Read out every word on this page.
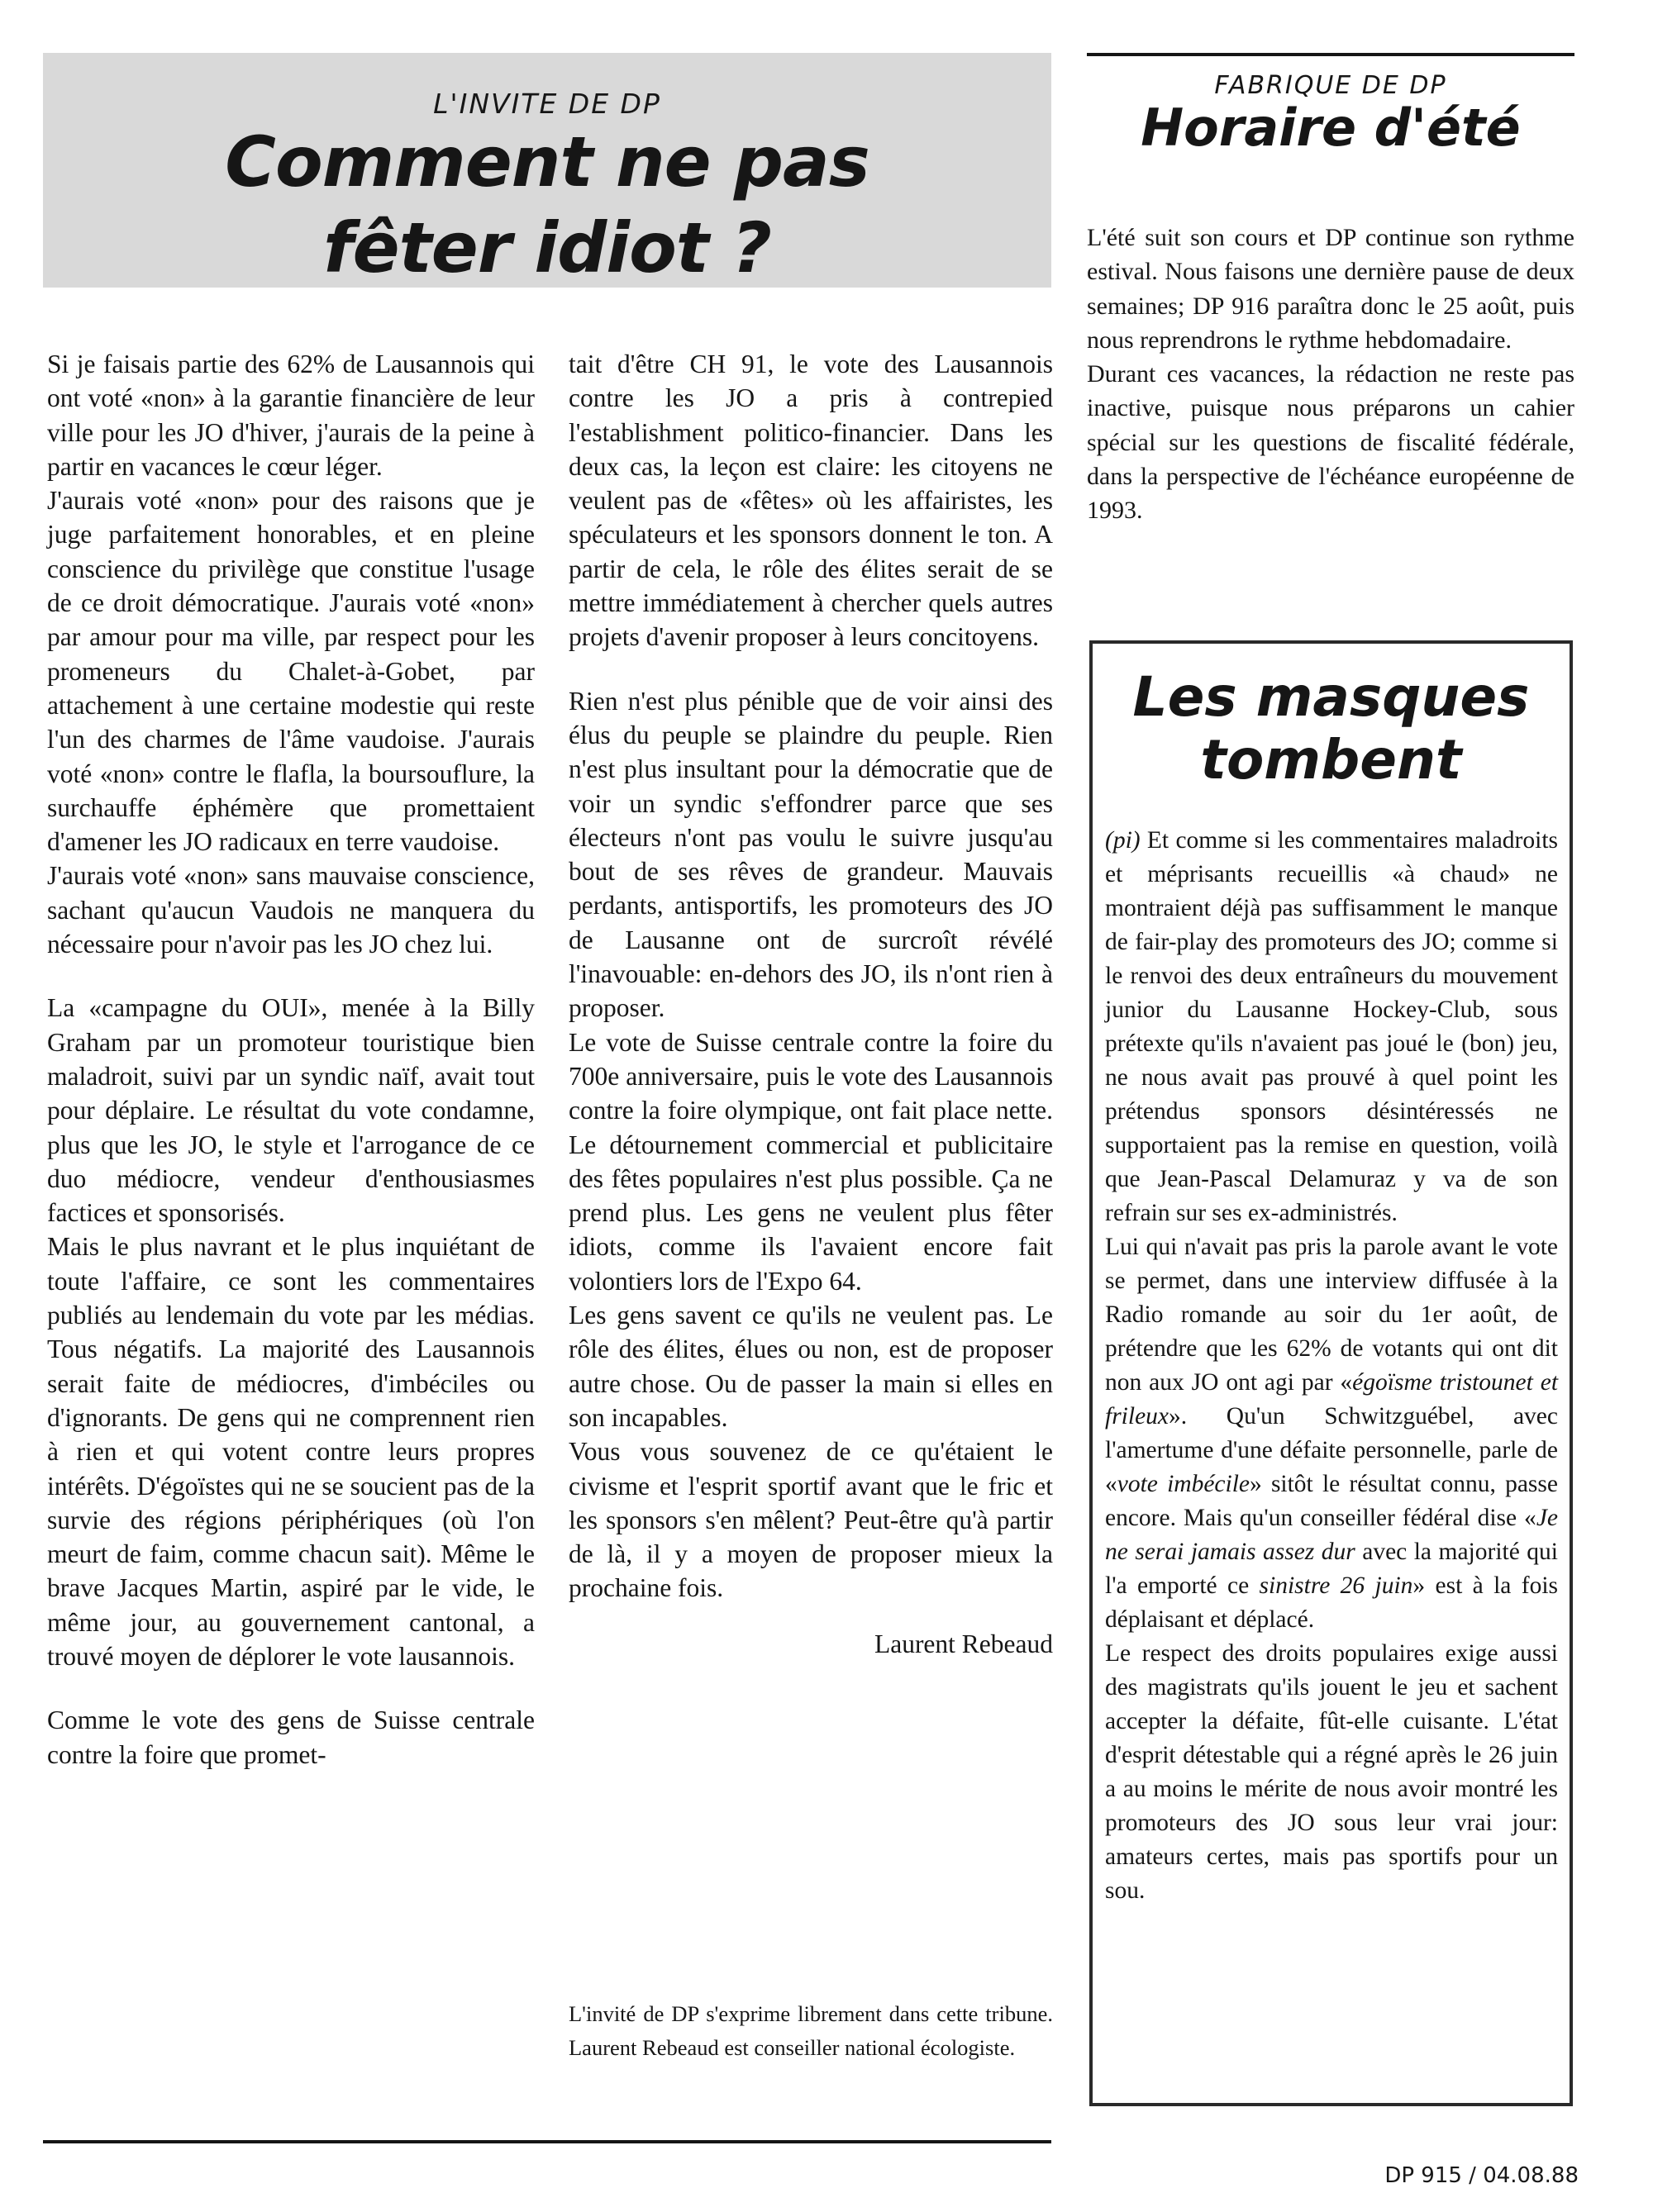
L'INVITE DE DP
Comment ne pas
fêter idiot ?

Si je faisais partie des 62% de Lausannois qui ont voté «non» à la garantie financière de leur ville pour les JO d'hiver, j'aurais de la peine à partir en vacances le cœur léger.

J'aurais voté «non» pour des raisons que je juge parfaitement honorables, et en pleine conscience du privilège que constitue l'usage de ce droit démocratique. J'aurais voté «non» par amour pour ma ville, par respect pour les promeneurs du Chalet-à-Gobet, par attachement à une certaine modestie qui reste l'un des charmes de l'âme vaudoise. J'aurais voté «non» contre le flafla, la boursouflure, la surchauffe éphémère que promettaient d'amener les JO radicaux en terre vaudoise.

J'aurais voté «non» sans mauvaise conscience, sachant qu'aucun Vaudois ne manquera du nécessaire pour n'avoir pas les JO chez lui.

La «campagne du OUI», menée à la Billy Graham par un promoteur touristique bien maladroit, suivi par un syndic naïf, avait tout pour déplaire. Le résultat du vote condamne, plus que les JO, le style et l'arrogance de ce duo médiocre, vendeur d'enthousiasmes factices et sponsorisés.

Mais le plus navrant et le plus inquiétant de toute l'affaire, ce sont les commentaires publiés au lendemain du vote par les médias. Tous négatifs. La majorité des Lausannois serait faite de médiocres, d'imbéciles ou d'ignorants. De gens qui ne comprennent rien à rien et qui votent contre leurs propres intérêts. D'égoïstes qui ne se soucient pas de la survie des régions périphériques (où l'on meurt de faim, comme chacun sait). Même le brave Jacques Martin, aspiré par le vide, le même jour, au gouvernement cantonal, a trouvé moyen de déplorer le vote lausannois.

Comme le vote des gens de Suisse centrale contre la foire que promet-

tait d'être CH 91, le vote des Lausannois contre les JO a pris à contrepied l'establishment politico-financier. Dans les deux cas, la leçon est claire: les citoyens ne veulent pas de «fêtes» où les affairistes, les spéculateurs et les sponsors donnent le ton. A partir de cela, le rôle des élites serait de se mettre immédiatement à chercher quels autres projets d'avenir proposer à leurs concitoyens.

Rien n'est plus pénible que de voir ainsi des élus du peuple se plaindre du peuple. Rien n'est plus insultant pour la démocratie que de voir un syndic s'effondrer parce que ses électeurs n'ont pas voulu le suivre jusqu'au bout de ses rêves de grandeur. Mauvais perdants, antisportifs, les promoteurs des JO de Lausanne ont de surcroît révélé l'inavouable: en-dehors des JO, ils n'ont rien à proposer.

Le vote de Suisse centrale contre la foire du 700e anniversaire, puis le vote des Lausannois contre la foire olympique, ont fait place nette. Le détournement commercial et publicitaire des fêtes populaires n'est plus possible. Ça ne prend plus. Les gens ne veulent plus fêter idiots, comme ils l'avaient encore fait volontiers lors de l'Expo 64.

Les gens savent ce qu'ils ne veulent pas. Le rôle des élites, élues ou non, est de proposer autre chose. Ou de passer la main si elles en son incapables.

Vous vous souvenez de ce qu'étaient le civisme et l'esprit sportif avant que le fric et les sponsors s'en mêlent? Peut-être qu'à partir de là, il y a moyen de proposer mieux la prochaine fois.

Laurent Rebeaud

L'invité de DP s'exprime librement dans cette tribune. Laurent Rebeaud est conseiller national écologiste.
FABRIQUE DE DP
Horaire d'été

L'été suit son cours et DP continue son rythme estival. Nous faisons une dernière pause de deux semaines; DP 916 paraîtra donc le 25 août, puis nous reprendrons le rythme hebdomadaire.

Durant ces vacances, la rédaction ne reste pas inactive, puisque nous préparons un cahier spécial sur les questions de fiscalité fédérale, dans la perspective de l'échéance européenne de 1993.

Les masques
tombent

(pi) Et comme si les commentaires maladroits et méprisants recueillis «à chaud» ne montraient déjà pas suffisamment le manque de fair-play des promoteurs des JO; comme si le renvoi des deux entraîneurs du mouvement junior du Lausanne Hockey-Club, sous prétexte qu'ils n'avaient pas joué le (bon) jeu, ne nous avait pas prouvé à quel point les prétendus sponsors désintéressés ne supportaient pas la remise en question, voilà que Jean-Pascal Delamuraz y va de son refrain sur ses ex-administrés.

Lui qui n'avait pas pris la parole avant le vote se permet, dans une interview diffusée à la Radio romande au soir du 1er août, de prétendre que les 62% de votants qui ont dit non aux JO ont agi par «égoïsme tristounet et frileux». Qu'un Schwitzguébel, avec l'amertume d'une défaite personnelle, parle de «vote imbécile» sitôt le résultat connu, passe encore. Mais qu'un conseiller fédéral dise «Je ne serai jamais assez dur avec la majorité qui l'a emporté ce sinistre 26 juin» est à la fois déplaisant et déplacé.

Le respect des droits populaires exige aussi des magistrats qu'ils jouent le jeu et sachent accepter la défaite, fût-elle cuisante. L'état d'esprit détestable qui a régné après le 26 juin a au moins le mérite de nous avoir montré les promoteurs des JO sous leur vrai jour: amateurs certes, mais pas sportifs pour un sou.

DP 915 / 04.08.88
